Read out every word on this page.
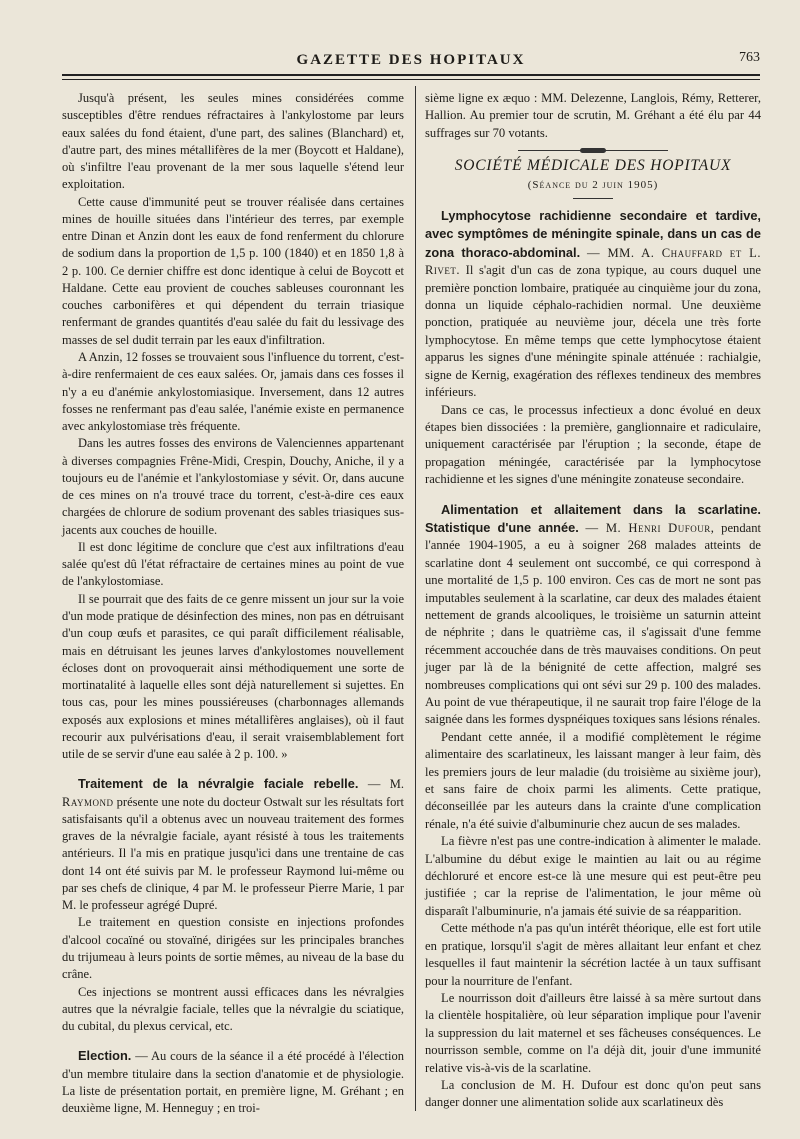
GAZETTE DES HOPITAUX	763

Jusqu'à présent, les seules mines considérées comme susceptibles d'être rendues réfractaires à l'ankylostome par leurs eaux salées du fond étaient, d'une part, des salines (Blanchard) et, d'autre part, des mines métallifères de la mer (Boycott et Haldane), où s'infiltre l'eau provenant de la mer sous laquelle s'étend leur exploitation.

Cette cause d'immunité peut se trouver réalisée dans certaines mines de houille situées dans l'intérieur des terres, par exemple entre Dinan et Anzin dont les eaux de fond renferment du chlorure de sodium dans la proportion de 1,5 p. 100 (1840) et en 1850 1,8 à 2 p. 100. Ce dernier chiffre est donc identique à celui de Boycott et Haldane. Cette eau provient de couches sableuses couronnant les couches carbonifères et qui dépendent du terrain triasique renfermant de grandes quantités d'eau salée du fait du lessivage des masses de sel dudit terrain par les eaux d'infiltration.

A Anzin, 12 fosses se trouvaient sous l'influence du torrent, c'est-à-dire renfermaient de ces eaux salées. Or, jamais dans ces fosses il n'y a eu d'anémie ankylostomiasique. Inversement, dans 12 autres fosses ne renfermant pas d'eau salée, l'anémie existe en permanence avec ankylostomiase très fréquente.

Dans les autres fosses des environs de Valenciennes appartenant à diverses compagnies Frêne-Midi, Crespin, Douchy, Aniche, il y a toujours eu de l'anémie et l'ankylostomiase y sévit. Or, dans aucune de ces mines on n'a trouvé trace du torrent, c'est-à-dire ces eaux chargées de chlorure de sodium provenant des sables triasiques sus-jacents aux couches de houille.

Il est donc légitime de conclure que c'est aux infiltrations d'eau salée qu'est dû l'état réfractaire de certaines mines au point de vue de l'ankylostomiase.

Il se pourrait que des faits de ce genre missent un jour sur la voie d'un mode pratique de désinfection des mines, non pas en détruisant d'un coup œufs et parasites, ce qui paraît difficilement réalisable, mais en détruisant les jeunes larves d'ankylostomes nouvellement écloses dont on provoquerait ainsi méthodiquement une sorte de mortinatalité à laquelle elles sont déjà naturellement si sujettes. En tous cas, pour les mines poussiéreuses (charbonnages allemands exposés aux explosions et mines métallifères anglaises), où il faut recourir aux pulvérisations d'eau, il serait vraisemblablement fort utile de se servir d'une eau salée à 2 p. 100. »

Traitement de la névralgie faciale rebelle. — M. Raymond présente une note du docteur Ostwalt sur les résultats fort satisfaisants qu'il a obtenus avec un nouveau traitement des formes graves de la névralgie faciale, ayant résisté à tous les traitements antérieurs. Il l'a mis en pratique jusqu'ici dans une trentaine de cas dont 14 ont été suivis par M. le professeur Raymond lui-même ou par ses chefs de clinique, 4 par M. le professeur Pierre Marie, 1 par M. le professeur agrégé Dupré.

Le traitement en question consiste en injections profondes d'alcool cocaïné ou stovaïné, dirigées sur les principales branches du trijumeau à leurs points de sortie mêmes, au niveau de la base du crâne.

Ces injections se montrent aussi efficaces dans les névralgies autres que la névralgie faciale, telles que la névralgie du sciatique, du cubital, du plexus cervical, etc.

Election. — Au cours de la séance il a été procédé à l'élection d'un membre titulaire dans la section d'anatomie et de physiologie. La liste de présentation portait, en première ligne, M. Gréhant ; en deuxième ligne, M. Henneguy ; en troi-

sième ligne ex æquo : MM. Delezenne, Langlois, Rémy, Retterer, Hallion. Au premier tour de scrutin, M. Gréhant a été élu par 44 suffrages sur 70 votants.

SOCIÉTÉ MÉDICALE DES HOPITAUX
(Séance du 2 juin 1905)

Lymphocytose rachidienne secondaire et tardive, avec symptômes de méningite spinale, dans un cas de zona thoraco-abdominal. — MM. A. Chauffard et L. Rivet. Il s'agit d'un cas de zona typique, au cours duquel une première ponction lombaire, pratiquée au cinquième jour du zona, donna un liquide céphalo-rachidien normal. Une deuxième ponction, pratiquée au neuvième jour, décela une très forte lymphocytose. En même temps que cette lymphocytose étaient apparus les signes d'une méningite spinale atténuée : rachialgie, signe de Kernig, exagération des réflexes tendineux des membres inférieurs.

Dans ce cas, le processus infectieux a donc évolué en deux étapes bien dissociées : la première, ganglionnaire et radiculaire, uniquement caractérisée par l'éruption ; la seconde, étape de propagation méningée, caractérisée par la lymphocytose rachidienne et les signes d'une méningite zonateuse secondaire.

Alimentation et allaitement dans la scarlatine. Statistique d'une année. — M. Henri Dufour, pendant l'année 1904-1905, a eu à soigner 268 malades atteints de scarlatine dont 4 seulement ont succombé, ce qui correspond à une mortalité de 1,5 p. 100 environ. Ces cas de mort ne sont pas imputables seulement à la scarlatine, car deux des malades étaient nettement de grands alcooliques, le troisième un saturnin atteint de néphrite ; dans le quatrième cas, il s'agissait d'une femme récemment accouchée dans de très mauvaises conditions. On peut juger par là de la bénignité de cette affection, malgré ses nombreuses complications qui ont sévi sur 29 p. 100 des malades. Au point de vue thérapeutique, il ne saurait trop faire l'éloge de la saignée dans les formes dyspnéiques toxiques sans lésions rénales.

Pendant cette année, il a modifié complètement le régime alimentaire des scarlatineux, les laissant manger à leur faim, dès les premiers jours de leur maladie (du troisième au sixième jour), et sans faire de choix parmi les aliments. Cette pratique, déconseillée par les auteurs dans la crainte d'une complication rénale, n'a été suivie d'albuminurie chez aucun de ses malades.

La fièvre n'est pas une contre-indication à alimenter le malade. L'albumine du début exige le maintien au lait ou au régime déchloruré et encore est-ce là une mesure qui est peut-être peu justifiée ; car la reprise de l'alimentation, le jour même où disparaît l'albuminurie, n'a jamais été suivie de sa réapparition.

Cette méthode n'a pas qu'un intérêt théorique, elle est fort utile en pratique, lorsqu'il s'agit de mères allaitant leur enfant et chez lesquelles il faut maintenir la sécrétion lactée à un taux suffisant pour la nourriture de l'enfant.

Le nourrisson doit d'ailleurs être laissé à sa mère surtout dans la clientèle hospitalière, où leur séparation implique pour l'avenir la suppression du lait maternel et ses fâcheuses conséquences. Le nourrisson semble, comme on l'a déjà dit, jouir d'une immunité relative vis-à-vis de la scarlatine.

La conclusion de M. H. Dufour est donc qu'on peut sans danger donner une alimentation solide aux scarlatineux dès
